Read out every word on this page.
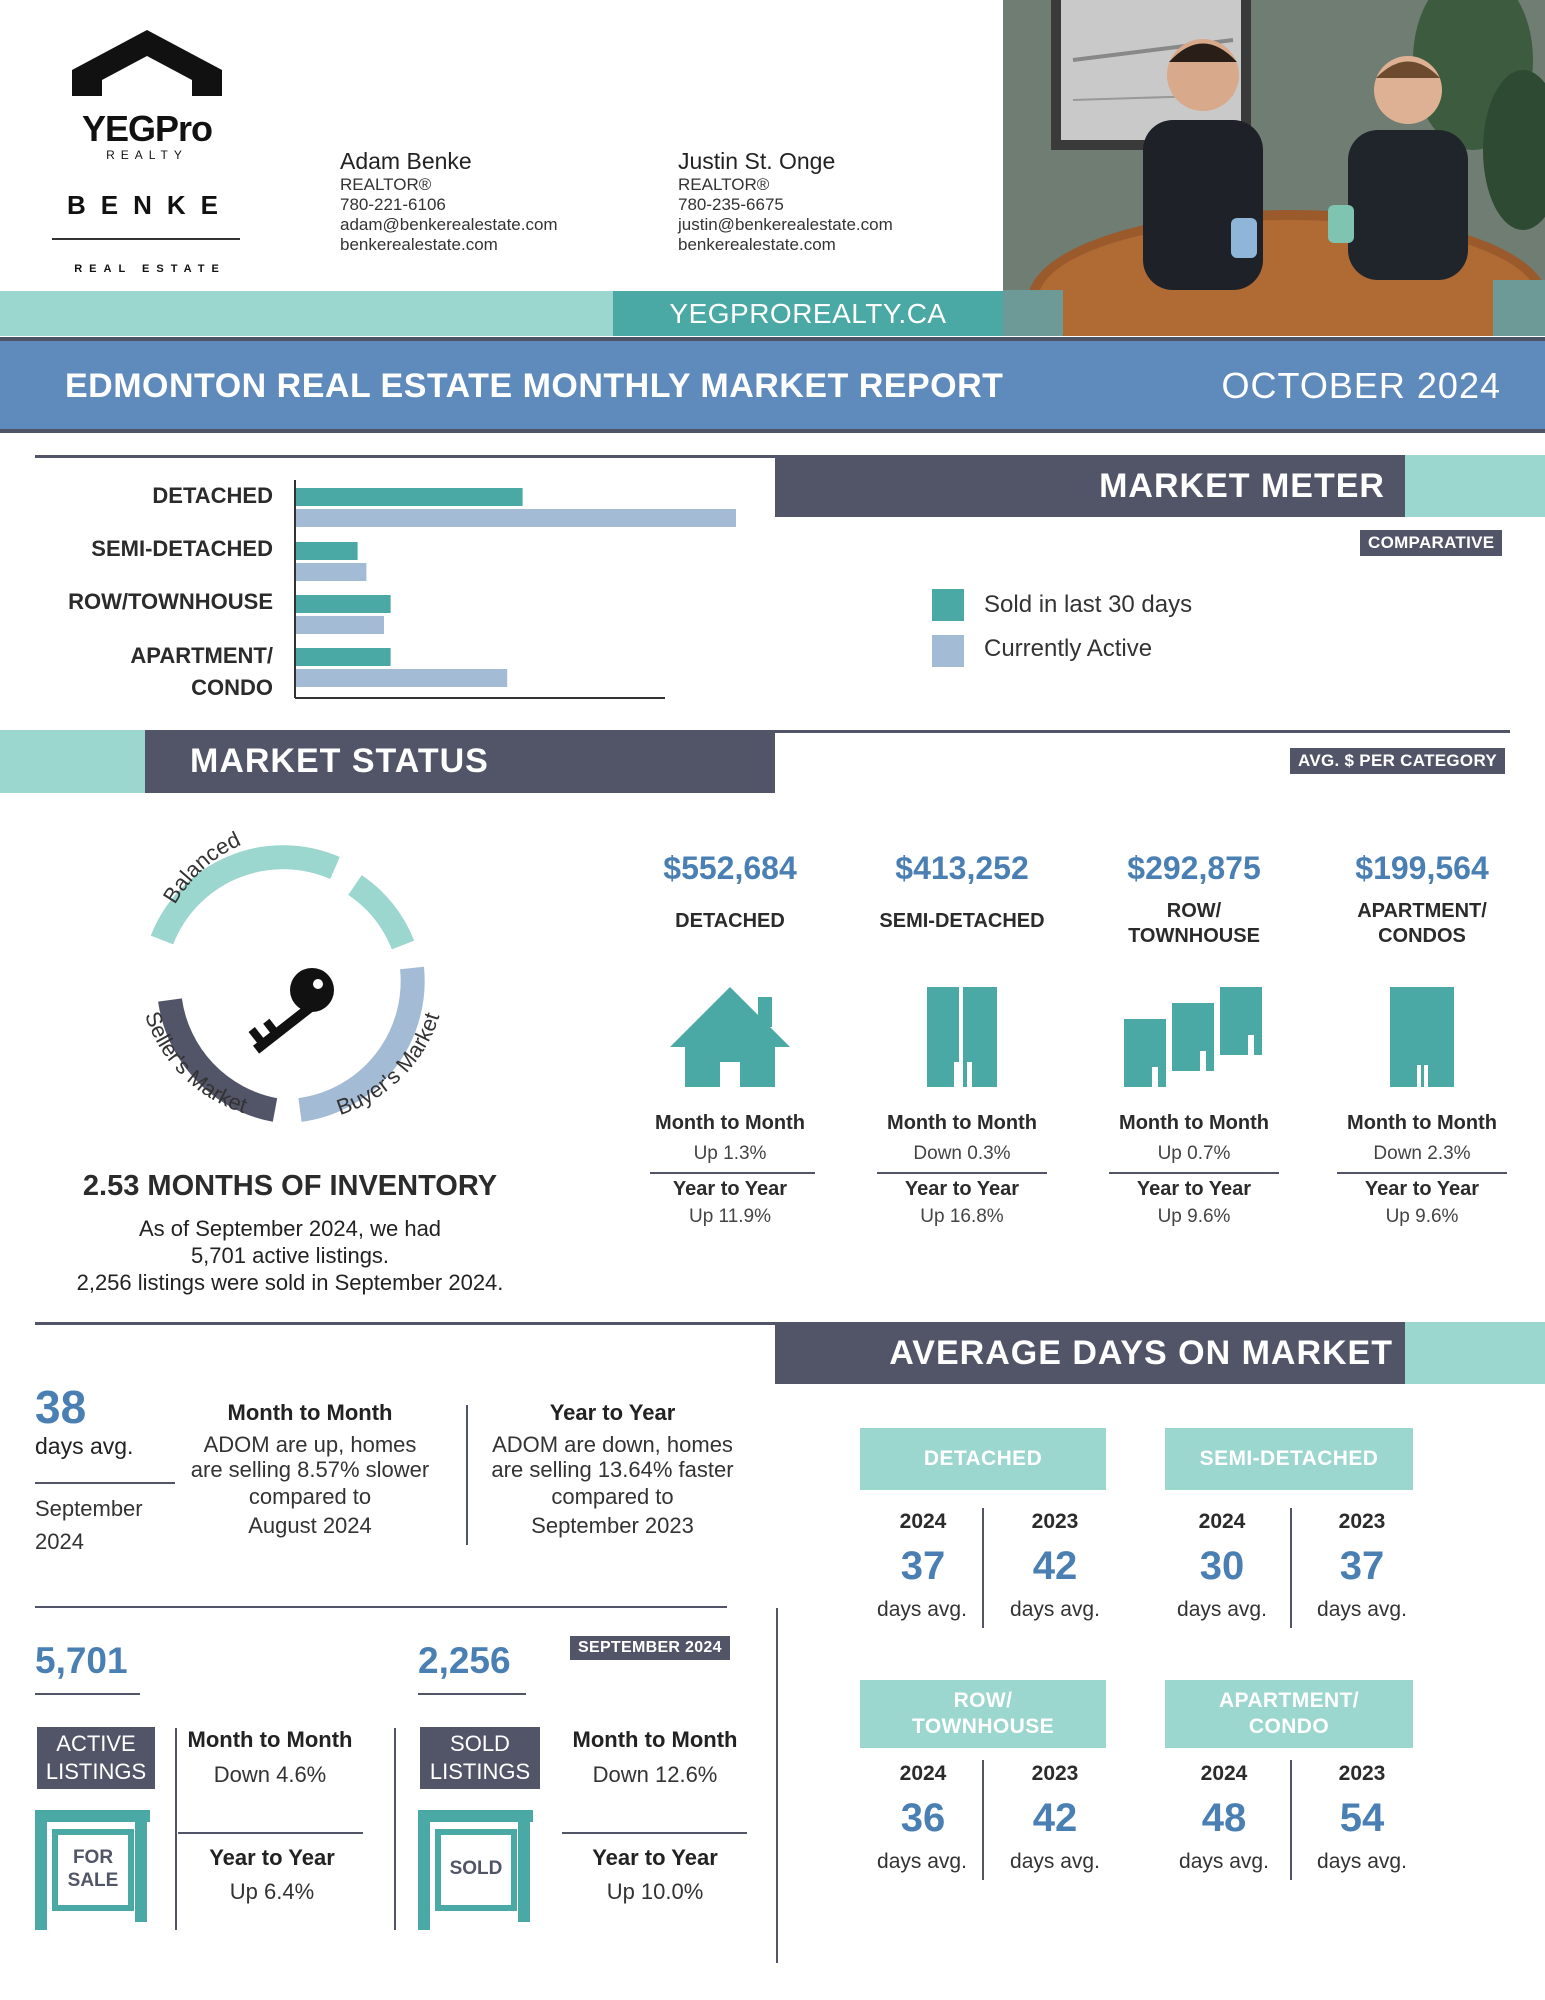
YEGPro
REALTY
BENKE
REAL ESTATE
Adam Benke
REALTOR®
780-221-6106
adam@benkerealestate.com
benkerealestate.com
Justin St. Onge
REALTOR®
780-235-6675
justin@benkerealestate.com
benkerealestate.com
YEGPROREALTY.CA
EDMONTON REAL ESTATE MONTHLY MARKET REPORT	OCTOBER 2024
MARKET METER
COMPARATIVE
DETACHED
SEMI-DETACHED
ROW/TOWNHOUSE
APARTMENT/
CONDO
Sold in last 30 days
Currently Active
MARKET STATUS	AVG. $ PER CATEGORY
Balanced
Seller's Market	Buyer's Market
2.53 MONTHS OF INVENTORY
As of September 2024, we had
5,701 active listings.
2,256 listings were sold in September 2024.
$552,684
DETACHED
Month to Month
Up 1.3%
Year to Year
Up 11.9%
$413,252
SEMI-DETACHED
Month to Month
Down 0.3%
Year to Year
Up 16.8%
$292,875
ROW/
TOWNHOUSE
Month to Month
Up 0.7%
Year to Year
Up 9.6%
$199,564
APARTMENT/
CONDOS
Month to Month
Down 2.3%
Year to Year
Up 9.6%
AVERAGE DAYS ON MARKET
38
days avg.
September
2024
Month to Month
ADOM are up, homes
are selling 8.57% slower
compared to
August 2024
Year to Year
ADOM are down, homes
are selling 13.64% faster
compared to
September 2023
DETACHED
2024	2023
37	42
days avg.	days avg.
SEMI-DETACHED
2024	2023
30	37
days avg.	days avg.
ROW/
TOWNHOUSE
2024	2023
36	42
days avg.	days avg.
APARTMENT/
CONDO
2024	2023
48	54
days avg.	days avg.
SEPTEMBER 2024
5,701
ACTIVE
LISTINGS
FOR
SALE
Month to Month
Down 4.6%
Year to Year
Up 6.4%
2,256
SOLD
LISTINGS
SOLD
Month to Month
Down 12.6%
Year to Year
Up 10.0%
